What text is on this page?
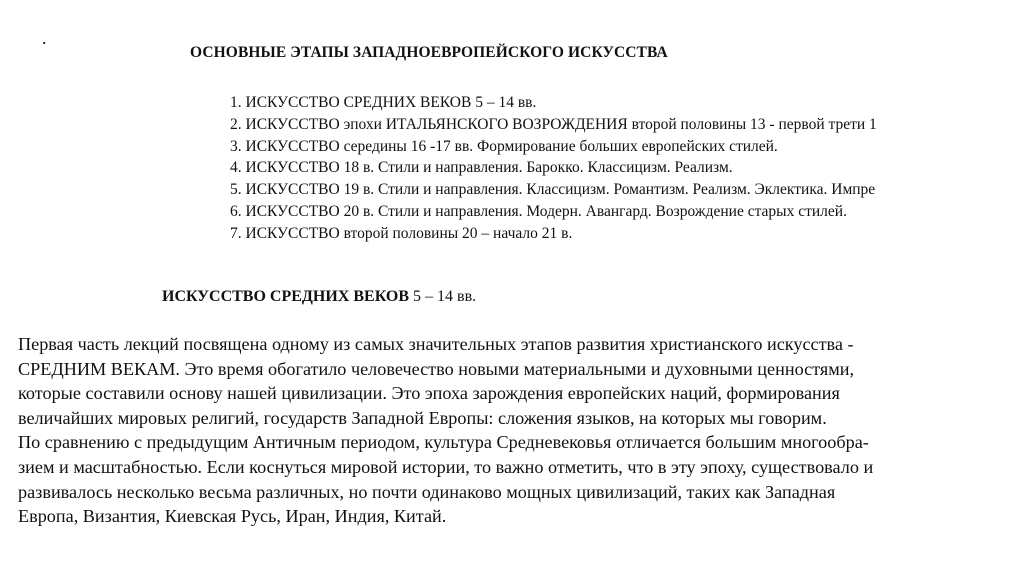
.
ОСНОВНЫЕ ЭТАПЫ ЗАПАДНОЕВРОПЕЙСКОГО ИСКУССТВА
1. ИСКУССТВО СРЕДНИХ ВЕКОВ 5 – 14 вв.
2. ИСКУССТВО эпохи ИТАЛЬЯНСКОГО ВОЗРОЖДЕНИЯ второй половины 13 - первой трети 1
3. ИСКУССТВО середины 16 -17 вв. Формирование больших европейских стилей.
4. ИСКУССТВО 18 в. Стили и направления. Барокко. Классицизм. Реализм.
5. ИСКУССТВО 19 в. Стили и направления. Классицизм. Романтизм. Реализм. Эклектика. Импре
6. ИСКУССТВО 20 в. Стили и направления. Модерн. Авангард. Возрождение старых стилей.
7. ИСКУССТВО второй половины 20 – начало 21 в.
ИСКУССТВО СРЕДНИХ ВЕКОВ 5 – 14 вв.
Первая часть лекций посвящена одному из самых значительных этапов развития христианского искусства -
СРЕДНИМ ВЕКАМ. Это время обогатило человечество новыми материальными и духовными ценностями,
которые составили основу нашей цивилизации. Это эпоха зарождения европейских наций, формирования
величайших мировых религий, государств Западной Европы: сложения языков, на которых мы говорим.
По сравнению с предыдущим Античным периодом, культура Средневековья отличается большим многообра-
зием и масштабностью. Если коснуться мировой истории, то важно отметить, что в эту эпоху, существовало и
развивалось несколько весьма различных, но почти одинаково мощных цивилизаций, таких как Западная
Европа, Византия, Киевская Русь, Иран, Индия, Китай.
